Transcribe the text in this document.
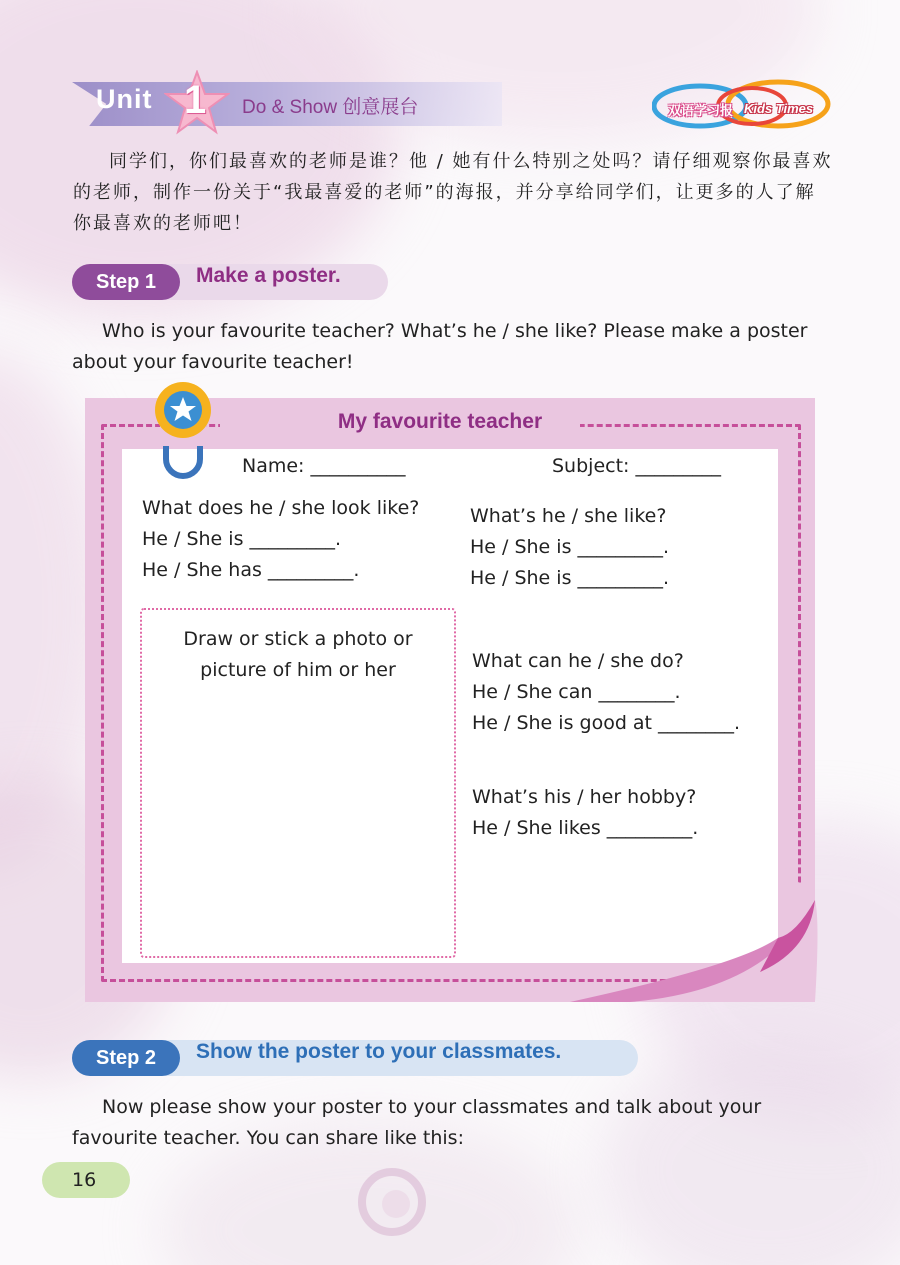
Unit 1 Do & Show 创意展台	双语学习报 Kids Times
同学们，你们最喜欢的老师是谁？他 / 她有什么特别之处吗？请仔细观察你最喜欢的老师，制作一份关于“我最喜爱的老师”的海报，并分享给同学们，让更多的人了解你最喜欢的老师吧！
Step 1	Make a poster.
Who is your favourite teacher? What’s he / she like? Please make a poster about your favourite teacher!
My favourite teacher
Name: __________	Subject: _________
What does he / she look like?
He / She is _________.
He / She has _________.
What’s he / she like?
He / She is _________.
He / She is _________.
Draw or stick a photo or picture of him or her	What can he / she do?
He / She can ________.
He / She is good at ________.
What’s his / her hobby?
He / She likes _________.
Step 2	Show the poster to your classmates.
Now please show your poster to your classmates and talk about your favourite teacher. You can share like this:
16
